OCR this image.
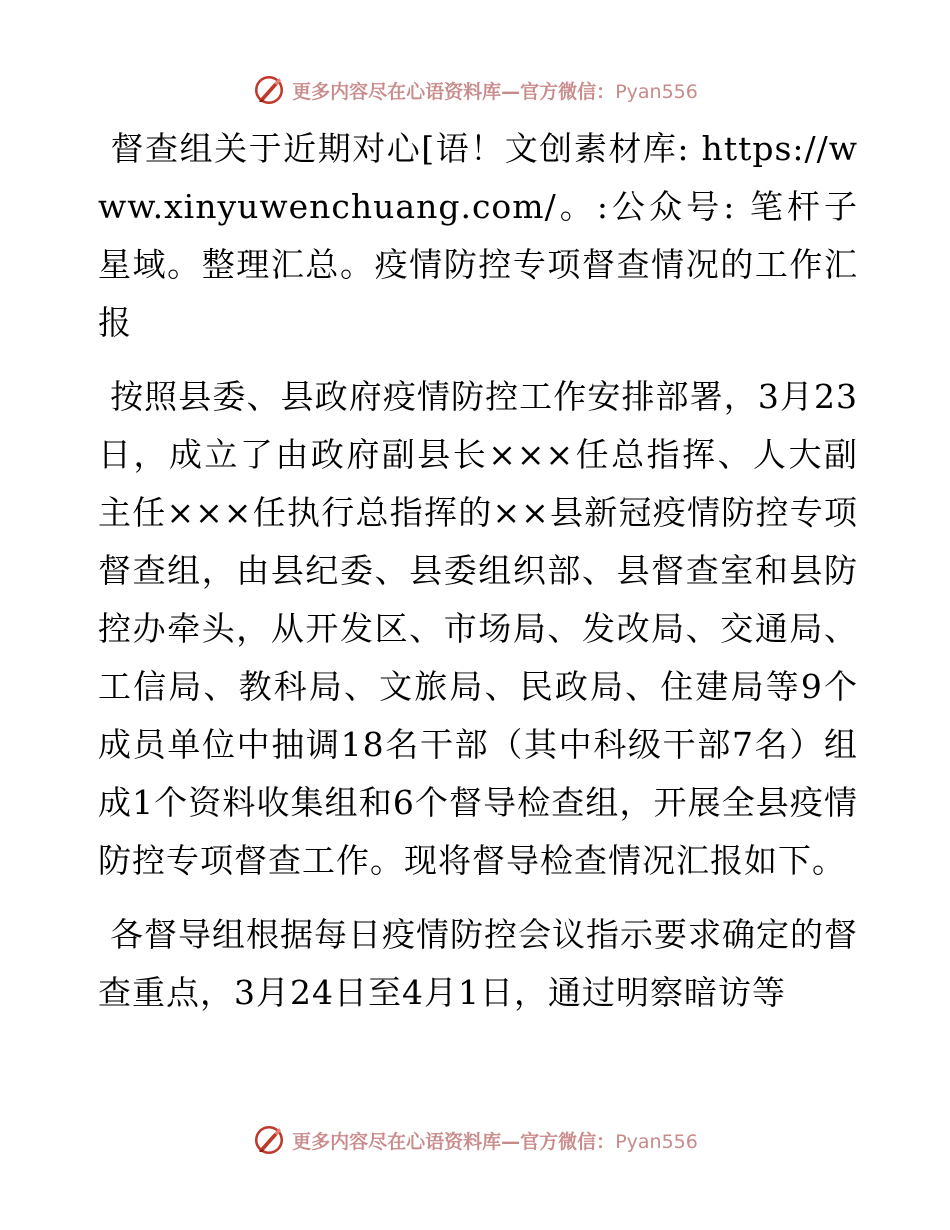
更多内容尽在心语资料库—官方微信：Pyan556

督查组关于近期对心[语！文创素材库: https://www.xinyuwenchuang.com/。:公众号: 笔杆子星域。整理汇总。疫情防控专项督查情况的工作汇报

按照县委、县政府疫情防控工作安排部署，3月23日，成立了由政府副县长×××任总指挥、人大副主任×××任执行总指挥的××县新冠疫情防控专项督查组，由县纪委、县委组织部、县督查室和县防控办牵头，从开发区、市场局、发改局、交通局、工信局、教科局、文旅局、民政局、住建局等9个成员单位中抽调18名干部（其中科级干部7名）组成1个资料收集组和6个督导检查组，开展全县疫情防控专项督查工作。现将督导检查情况汇报如下。

各督导组根据每日疫情防控会议指示要求确定的督查重点，3月24日至4月1日，通过明察暗访等

更多内容尽在心语资料库—官方微信：Pyan556
